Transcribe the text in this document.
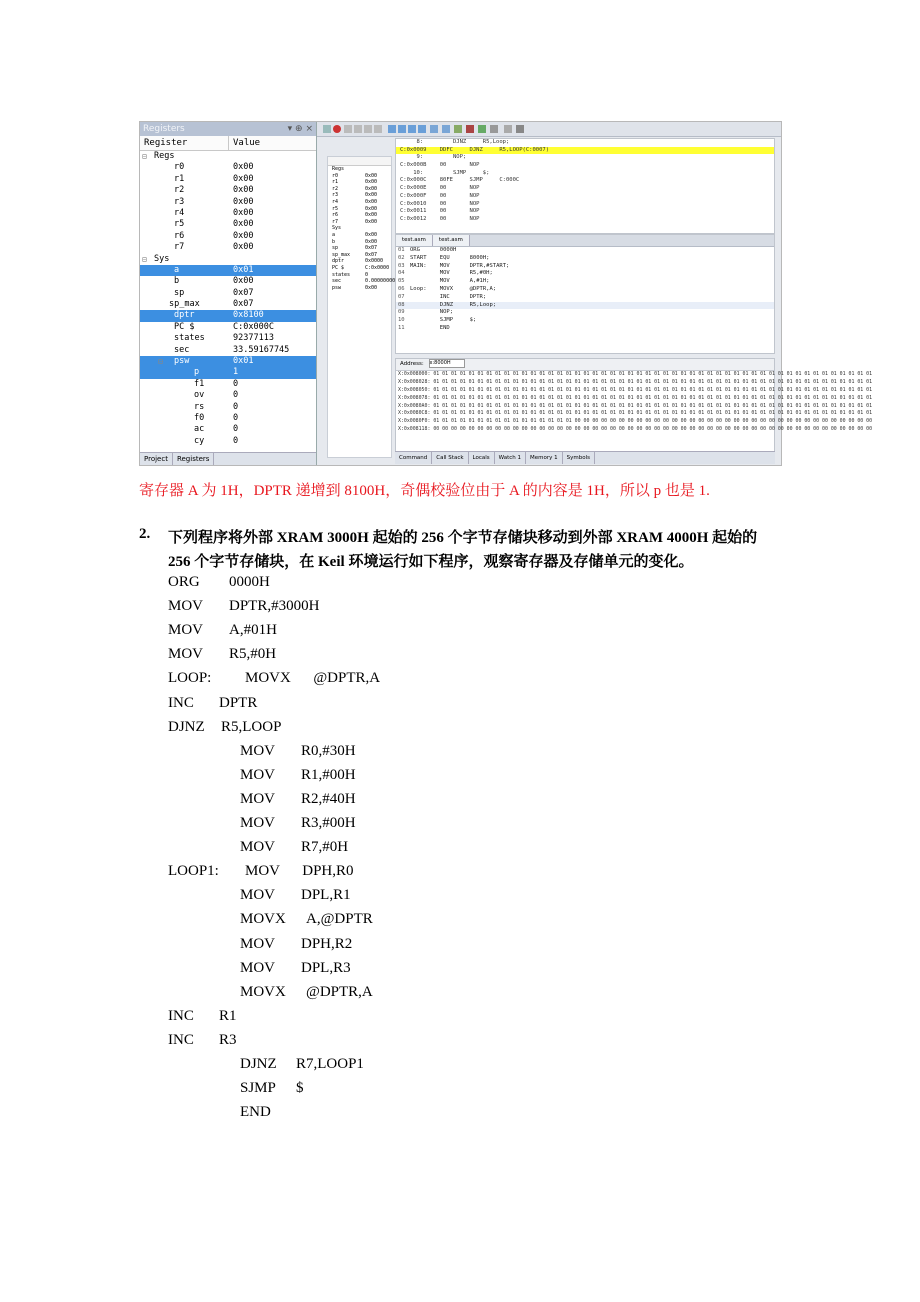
Registers	▾ ⊕ ×
Register	Value
⊟ Regs
r0	0x00
r1	0x00
r2	0x00
r3	0x00
r4	0x00
r5	0x00
r6	0x00
r7	0x00
⊟ Sys
a	0x01
b	0x00
sp	0x07
sp_max	0x07
dptr	0x8100
PC $	C:0x000C
states	92377113
sec	33.59167745
⊟ psw	0x01
p	1
f1	0
ov	0
rs	0
f0	0
ac	0
cy	0
Project Registers
Regs
r0	0x00
r1	0x00
r2	0x00
r3	0x00
r4	0x00
r5	0x00
r6	0x00
r7	0x00
Sys
a	0x00
b	0x00
sp	0x07
sp_max	0x07
dptr	0x0000
PC $	C:0x0000
states	0
sec	0.00000000
psw	0x00
8:         DJNZ     R5,Loop;
C:0x0009    DDFC     DJNZ     R5,LOOP(C:0007)
9:         NOP;
C:0x000B    00       NOP
10:         SJMP     $;
C:0x000C    80FE     SJMP     C:000C
C:0x000E    00       NOP
C:0x000F    00       NOP
C:0x0010    00       NOP
C:0x0011    00       NOP
C:0x0012    00       NOP
test.asm test.asm
01 ORG      0000H
02 START    EQU      8000H;
03 MAIN:    MOV      DPTR,#START;
04 MOV      R5,#0H;
05 MOV      A,#1H;
06 Loop:    MOVX     @DPTR,A;
07 INC      DPTR;
08 DJNZ     R5,Loop;
09 NOP;
10 SJMP     $;
11 END
Address: x:8000H
X:0x008000: 01 01 01 01 01 01 01 01 01 01 01 01 01 01 01 01 01 01 01 01 01 01 01 01 01 01 01 01 01 01 01 01 01 01 01 01 01 01 01 01 01 01 01 01 01 01 01 01 01 01
X:0x008028: 01 01 01 01 01 01 01 01 01 01 01 01 01 01 01 01 01 01 01 01 01 01 01 01 01 01 01 01 01 01 01 01 01 01 01 01 01 01 01 01 01 01 01 01 01 01 01 01 01 01
X:0x008050: 01 01 01 01 01 01 01 01 01 01 01 01 01 01 01 01 01 01 01 01 01 01 01 01 01 01 01 01 01 01 01 01 01 01 01 01 01 01 01 01 01 01 01 01 01 01 01 01 01 01
X:0x008078: 01 01 01 01 01 01 01 01 01 01 01 01 01 01 01 01 01 01 01 01 01 01 01 01 01 01 01 01 01 01 01 01 01 01 01 01 01 01 01 01 01 01 01 01 01 01 01 01 01 01
X:0x0080A0: 01 01 01 01 01 01 01 01 01 01 01 01 01 01 01 01 01 01 01 01 01 01 01 01 01 01 01 01 01 01 01 01 01 01 01 01 01 01 01 01 01 01 01 01 01 01 01 01 01 01
X:0x0080C8: 01 01 01 01 01 01 01 01 01 01 01 01 01 01 01 01 01 01 01 01 01 01 01 01 01 01 01 01 01 01 01 01 01 01 01 01 01 01 01 01 01 01 01 01 01 01 01 01 01 01
X:0x0080F0: 01 01 01 01 01 01 01 01 01 01 01 01 01 01 01 01 00 00 00 00 00 00 00 00 00 00 00 00 00 00 00 00 00 00 00 00 00 00 00 00 00 00 00 00 00 00 00 00 00 00
X:0x008118: 00 00 00 00 00 00 00 00 00 00 00 00 00 00 00 00 00 00 00 00 00 00 00 00 00 00 00 00 00 00 00 00 00 00 00 00 00 00 00 00 00 00 00 00 00 00 00 00 00 00
Command Call Stack Locals Watch 1 Memory 1 Symbols
寄存器 A 为 1H，DPTR 递增到 8100H，奇偶校验位由于 A 的内容是 1H，所以 p 也是 1.
2. 下列程序将外部 XRAM 3000H 起始的 256 个字节存储块移动到外部 XRAM 4000H 起始的
256 个字节存储块，在 Keil 环境运行如下程序，观察寄存器及存储单元的变化。
ORG 0000H
MOV DPTR,#3000H
MOV A,#01H
MOV R5,#0H
LOOP: MOVX      @DPTR,A
INC DPTR
DJNZ R5,LOOP
MOV R0,#30H
MOV R1,#00H
MOV R2,#40H
MOV R3,#00H
MOV R7,#0H
LOOP1: MOV      DPH,R0
MOV DPL,R1
MOVX A,@DPTR
MOV DPH,R2
MOV DPL,R3
MOVX @DPTR,A
INC R1
INC R3
DJNZ R7,LOOP1
SJMP $
END
